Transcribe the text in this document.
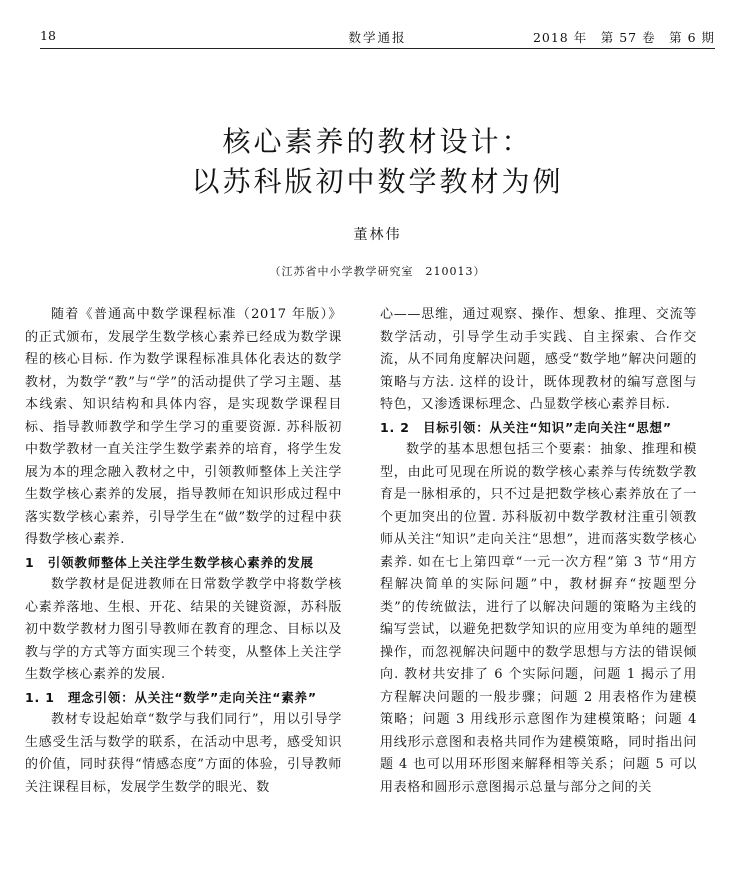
18	数学通报	2018 年　第 57 卷　第 6 期
核心素养的教材设计：
以苏科版初中数学教材为例
董林伟
（江苏省中小学教学研究室　210013）

随着《普通高中数学课程标准（2017 年版）》的正式颁布，发展学生数学核心素养已经成为数学课程的核心目标. 作为数学课程标准具体化表达的数学教材，为数学“教”与“学”的活动提供了学习主题、基本线索、知识结构和具体内容，是实现数学课程目标、指导教师教学和学生学习的重要资源. 苏科版初中数学教材一直关注学生数学素养的培育，将学生发展为本的理念融入教材之中，引领教师整体上关注学生数学核心素养的发展，指导教师在知识形成过程中落实数学核心素养，引导学生在“做”数学的过程中获得数学核心素养.

1　引领教师整体上关注学生数学核心素养的发展

数学教材是促进教师在日常数学教学中将数学核心素养落地、生根、开花、结果的关键资源，苏科版初中数学教材力图引导教师在教育的理念、目标以及教与学的方式等方面实现三个转变，从整体上关注学生数学核心素养的发展.

1. 1　理念引领：从关注“数学”走向关注“素养”

教材专设起始章“数学与我们同行”，用以引导学生感受生活与数学的联系，在活动中思考，感受知识的价值，同时获得“情感态度”方面的体验，引导教师关注课程目标，发展学生数学的眼光、数

心——思维，通过观察、操作、想象、推理、交流等数学活动，引导学生动手实践、自主探索、合作交流，从不同角度解决问题，感受“数学地”解决问题的策略与方法. 这样的设计，既体现教材的编写意图与特色，又渗透课标理念、凸显数学核心素养目标.

1. 2　目标引领：从关注“知识”走向关注“思想”

数学的基本思想包括三个要素：抽象、推理和模型，由此可见现在所说的数学核心素养与传统数学教育是一脉相承的，只不过是把数学核心素养放在了一个更加突出的位置. 苏科版初中数学教材注重引领教师从关注“知识”走向关注“思想”，进而落实数学核心素养. 如在七上第四章“一元一次方程”第 3 节“用方程解决简单的实际问题”中，教材摒弃“按题型分类”的传统做法，进行了以解决问题的策略为主线的编写尝试，以避免把数学知识的应用变为单纯的题型操作，而忽视解决问题中的数学思想与方法的错误倾向. 教材共安排了 6 个实际问题，问题 1 揭示了用方程解决问题的一般步骤；问题 2 用表格作为建模策略；问题 3 用线形示意图作为建模策略；问题 4 用线形示意图和表格共同作为建模策略，同时指出问题 4 也可以用环形图来解释相等关系；问题 5 可以用表格和圆形示意图揭示总量与部分之间的关
